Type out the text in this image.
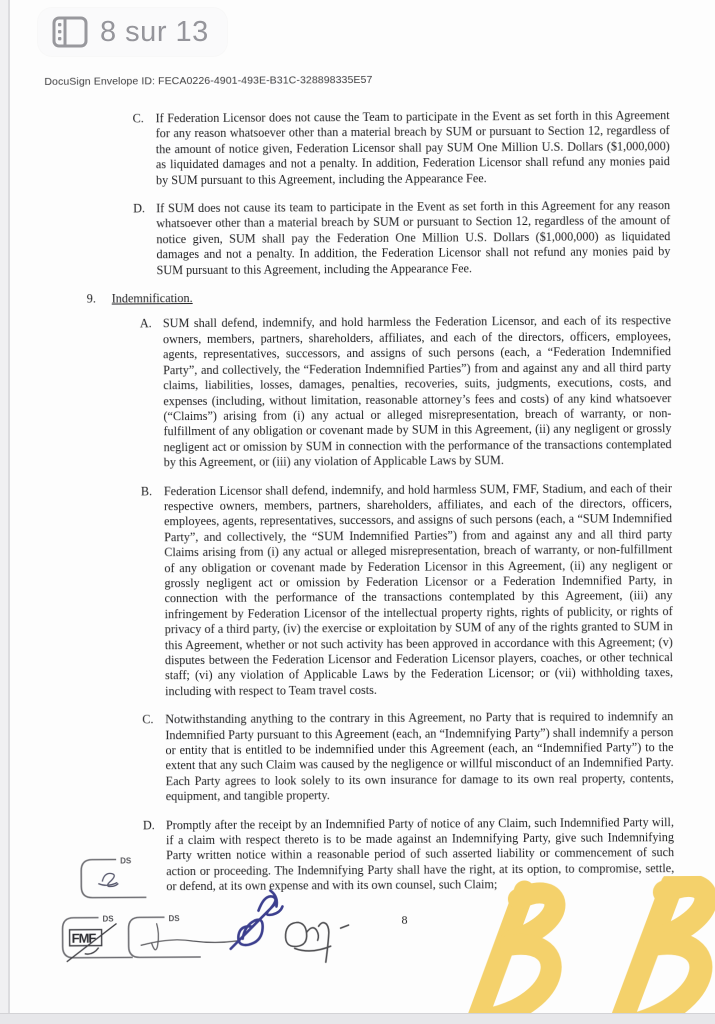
8 sur 13
DocuSign Envelope ID: FECA0226-4901-493E-B31C-328898335E57
C. If Federation Licensor does not cause the Team to participate in the Event as set forth in this Agreement for any reason whatsoever other than a material breach by SUM or pursuant to Section 12, regardless of the amount of notice given, Federation Licensor shall pay SUM One Million U.S. Dollars ($1,000,000) as liquidated damages and not a penalty. In addition, Federation Licensor shall refund any monies paid by SUM pursuant to this Agreement, including the Appearance Fee.
D. If SUM does not cause its team to participate in the Event as set forth in this Agreement for any reason whatsoever other than a material breach by SUM or pursuant to Section 12, regardless of the amount of notice given, SUM shall pay the Federation One Million U.S. Dollars ($1,000,000) as liquidated damages and not a penalty. In addition, the Federation Licensor shall not refund any monies paid by SUM pursuant to this Agreement, including the Appearance Fee.
9. Indemnification.
A. SUM shall defend, indemnify, and hold harmless the Federation Licensor, and each of its respective owners, members, partners, shareholders, affiliates, and each of the directors, officers, employees, agents, representatives, successors, and assigns of such persons (each, a “Federation Indemnified Party”, and collectively, the “Federation Indemnified Parties”) from and against any and all third party claims, liabilities, losses, damages, penalties, recoveries, suits, judgments, executions, costs, and expenses (including, without limitation, reasonable attorney’s fees and costs) of any kind whatsoever (“Claims”) arising from (i) any actual or alleged misrepresentation, breach of warranty, or non-fulfillment of any obligation or covenant made by SUM in this Agreement, (ii) any negligent or grossly negligent act or omission by SUM in connection with the performance of the transactions contemplated by this Agreement, or (iii) any violation of Applicable Laws by SUM.
B. Federation Licensor shall defend, indemnify, and hold harmless SUM, FMF, Stadium, and each of their respective owners, members, partners, shareholders, affiliates, and each of the directors, officers, employees, agents, representatives, successors, and assigns of such persons (each, a “SUM Indemnified Party”, and collectively, the “SUM Indemnified Parties”) from and against any and all third party Claims arising from (i) any actual or alleged misrepresentation, breach of warranty, or non-fulfillment of any obligation or covenant made by Federation Licensor in this Agreement, (ii) any negligent or grossly negligent act or omission by Federation Licensor or a Federation Indemnified Party, in connection with the performance of the transactions contemplated by this Agreement, (iii) any infringement by Federation Licensor of the intellectual property rights, rights of publicity, or rights of privacy of a third party, (iv) the exercise or exploitation by SUM of any of the rights granted to SUM in this Agreement, whether or not such activity has been approved in accordance with this Agreement; (v) disputes between the Federation Licensor and Federation Licensor players, coaches, or other technical staff; (vi) any violation of Applicable Laws by the Federation Licensor; or (vii) withholding taxes, including with respect to Team travel costs.
C. Notwithstanding anything to the contrary in this Agreement, no Party that is required to indemnify an Indemnified Party pursuant to this Agreement (each, an “Indemnifying Party”) shall indemnify a person or entity that is entitled to be indemnified under this Agreement (each, an “Indemnified Party”) to the extent that any such Claim was caused by the negligence or willful misconduct of an Indemnified Party. Each Party agrees to look solely to its own insurance for damage to its own real property, contents, equipment, and tangible property.
D. Promptly after the receipt by an Indemnified Party of notice of any Claim, such Indemnified Party will, if a claim with respect thereto is to be made against an Indemnifying Party, give such Indemnifying Party written notice within a reasonable period of such asserted liability or commencement of such action or proceeding. The Indemnifying Party shall have the right, at its option, to compromise, settle, or defend, at its own expense and with its own counsel, such Claim;
DS
DS
FMF
DS	8
